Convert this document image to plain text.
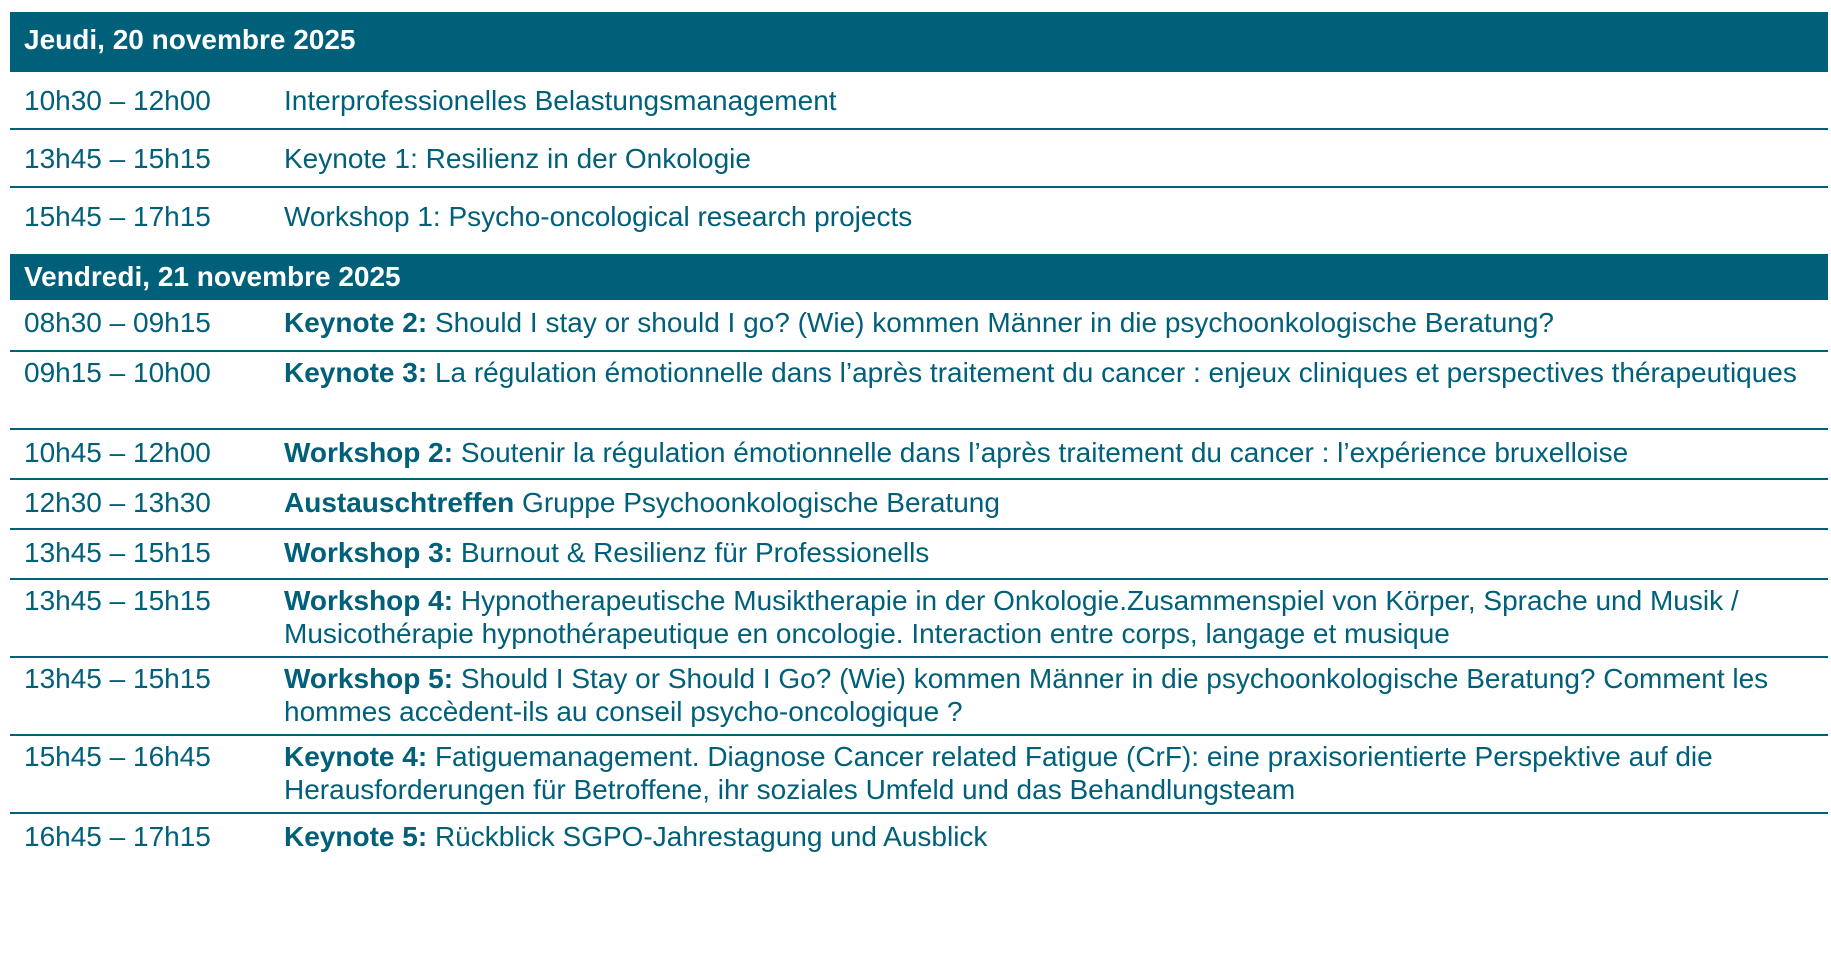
Jeudi, 20 novembre 2025
10h30 – 12h00	Interprofessionelles Belastungsmanagement
13h45 – 15h15	Keynote 1: Resilienz in der Onkologie
15h45 – 17h15	Workshop 1: Psycho-oncological research projects
Vendredi, 21 novembre 2025
08h30 – 09h15	Keynote 2: Should I stay or should I go? (Wie) kommen Männer in die psychoonkologische Beratung?
09h15 – 10h00	Keynote 3: La régulation émotionnelle dans l’après traitement du cancer : enjeux cliniques et perspectives thérapeutiques
10h45 – 12h00	Workshop 2: Soutenir la régulation émotionnelle dans l’après traitement du cancer : l’expérience bruxelloise
12h30 – 13h30	Austauschtreffen Gruppe Psychoonkologische Beratung
13h45 – 15h15	Workshop 3: Burnout & Resilienz für Professionells
13h45 – 15h15	Workshop 4: Hypnotherapeutische Musiktherapie in der Onkologie.Zusammenspiel von Körper, Sprache und Musik / Musicothérapie hypnothérapeutique en oncologie. Interaction entre corps, langage et musique
13h45 – 15h15	Workshop 5: Should I Stay or Should I Go? (Wie) kommen Männer in die psychoonkologische Beratung? Comment les hommes accèdent-ils au conseil psycho-oncologique ?
15h45 – 16h45	Keynote 4: Fatiguemanagement. Diagnose Cancer related Fatigue (CrF): eine praxisorientierte Perspektive auf die Herausforderungen für Betroffene, ihr soziales Umfeld und das Behandlungsteam
16h45 – 17h15	Keynote 5: Rückblick SGPO-Jahrestagung und Ausblick
